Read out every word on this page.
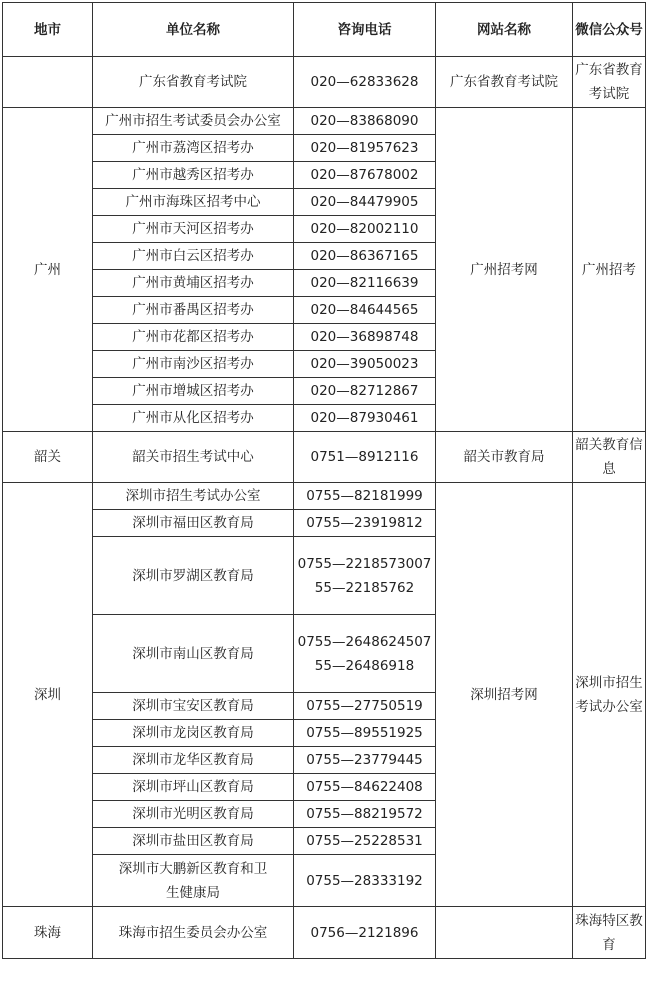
地市	单位名称	咨询电话	网站名称	微信公众号
	广东省教育考试院	020—62833628	广东省教育考试院	广东省教育考试院
广州	广州市招生考试委员会办公室	020—83868090	广州招考网	广州招考
	广州市荔湾区招考办	020—81957623		
	广州市越秀区招考办	020—87678002		
	广州市海珠区招考中心	020—84479905		
	广州市天河区招考办	020—82002110		
	广州市白云区招考办	020—86367165		
	广州市黄埔区招考办	020—82116639		
	广州市番禺区招考办	020—84644565		
	广州市花都区招考办	020—36898748		
	广州市南沙区招考办	020—39050023		
	广州市增城区招考办	020—82712867		
	广州市从化区招考办	020—87930461		
韶关	韶关市招生考试中心	0751—8912116	韶关市教育局	韶关教育信息
深圳	深圳市招生考试办公室	0755—82181999	深圳招考网	深圳市招生考试办公室
	深圳市福田区教育局	0755—23919812		
	深圳市罗湖区教育局	0755—221857300755—22185762		
	深圳市南山区教育局	0755—264862450755—26486918		
	深圳市宝安区教育局	0755—27750519		
	深圳市龙岗区教育局	0755—89551925		
	深圳市龙华区教育局	0755—23779445		
	深圳市坪山区教育局	0755—84622408		
	深圳市光明区教育局	0755—88219572		
	深圳市盐田区教育局	0755—25228531		
	深圳市大鹏新区教育和卫生健康局	0755—28333192		
珠海	珠海市招生委员会办公室	0756—2121896		珠海特区教育
